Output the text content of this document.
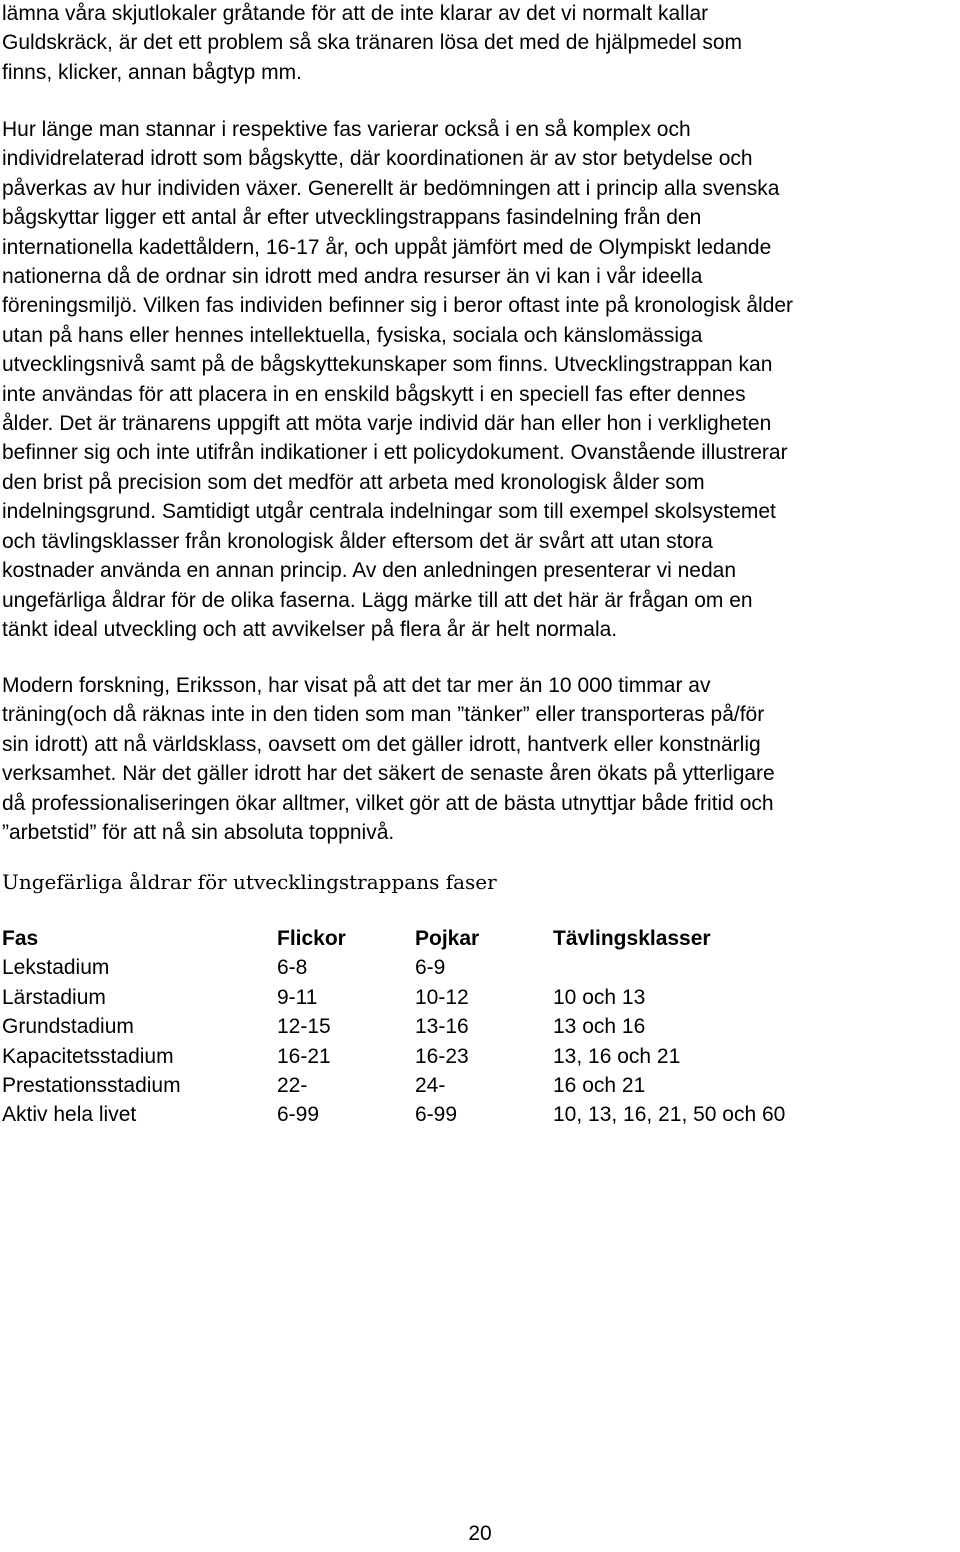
lämna våra skjutlokaler gråtande för att de inte klarar av det vi normalt kallar
Guldskräck, är det ett problem så ska tränaren lösa det med de hjälpmedel som
finns, klicker, annan bågtyp mm.

Hur länge man stannar i respektive fas varierar också i en så komplex och
individrelaterad idrott som bågskytte, där koordinationen är av stor betydelse och
påverkas av hur individen växer. Generellt är bedömningen att i princip alla svenska
bågskyttar ligger ett antal år efter utvecklingstrappans fasindelning från den
internationella kadettåldern, 16-17 år, och uppåt jämfört med de Olympiskt ledande
nationerna då de ordnar sin idrott med andra resurser än vi kan i vår ideella
föreningsmiljö. Vilken fas individen befinner sig i beror oftast inte på kronologisk ålder
utan på hans eller hennes intellektuella, fysiska, sociala och känslomässiga
utvecklingsnivå samt på de bågskyttekunskaper som finns. Utvecklingstrappan kan
inte användas för att placera in en enskild bågskytt i en speciell fas efter dennes
ålder. Det är tränarens uppgift att möta varje individ där han eller hon i verkligheten
befinner sig och inte utifrån indikationer i ett policydokument. Ovanstående illustrerar
den brist på precision som det medför att arbeta med kronologisk ålder som
indelningsgrund. Samtidigt utgår centrala indelningar som till exempel skolsystemet
och tävlingsklasser från kronologisk ålder eftersom det är svårt att utan stora
kostnader använda en annan princip. Av den anledningen presenterar vi nedan
ungefärliga åldrar för de olika faserna. Lägg märke till att det här är frågan om en
tänkt ideal utveckling och att avvikelser på flera år är helt normala.

Modern forskning, Eriksson, har visat på att det tar mer än 10 000 timmar av
träning(och då räknas inte in den tiden som man ”tänker” eller transporteras på/för
sin idrott) att nå världsklass, oavsett om det gäller idrott, hantverk eller konstnärlig
verksamhet. När det gäller idrott har det säkert de senaste åren ökats på ytterligare
då professionaliseringen ökar alltmer, vilket gör att de bästa utnyttjar både fritid och
”arbetstid” för att nå sin absoluta toppnivå.

Ungefärliga åldrar för utvecklingstrappans faser
Fas	Flickor	Pojkar	Tävlingsklasser
Lekstadium	6-8	6-9	
Lärstadium	9-11	10-12	10 och 13
Grundstadium	12-15	13-16	13 och 16
Kapacitetsstadium	16-21	16-23	13, 16 och 21
Prestationsstadium	22-	24-	16 och 21
Aktiv hela livet	6-99	6-99	10, 13, 16, 21, 50 och 60

20
